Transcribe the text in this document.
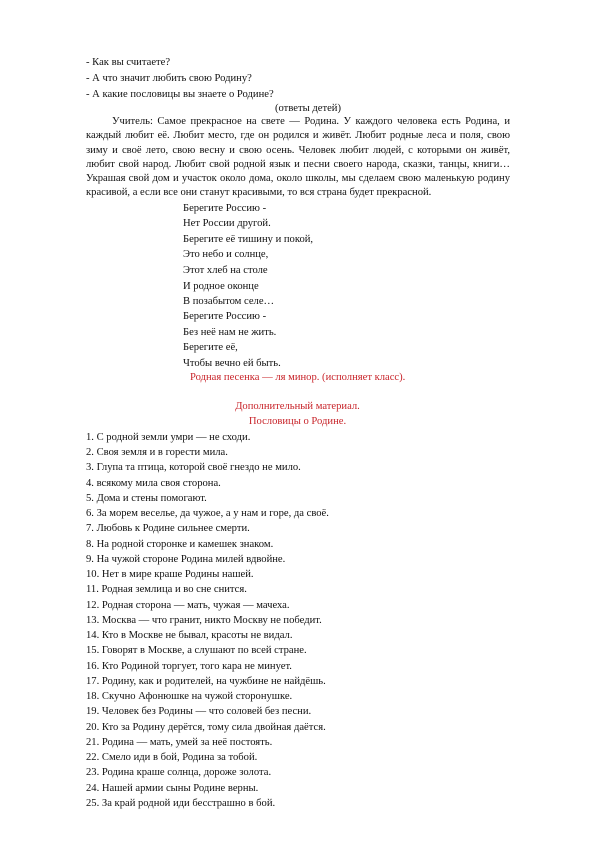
- Как вы считаете?
- А что значит любить свою Родину?
- А какие пословицы вы знаете о Родине?
(ответы детей)
Учитель: Самое прекрасное на свете — Родина. У каждого человека есть Родина, и каждый любит её. Любит место, где он родился и живёт. Любит родные леса и поля, свою зиму и своё лето, свою весну и свою осень. Человек любит людей, с которыми он живёт, любит свой народ. Любит свой родной язык и песни своего народа, сказки, танцы, книги… Украшая свой дом и участок около дома, около школы, мы сделаем свою маленькую родину красивой, а если все они станут красивыми, то вся страна будет прекрасной.
Берегите Россию -
Нет России другой.
Берегите её тишину и покой,
Это небо и солнце,
Этот хлеб на столе
И родное оконце
В позабытом селе…
Берегите Россию -
Без неё нам не жить.
Берегите её,
Чтобы вечно ей быть.
Родная песенка — ля минор. (исполняет класс).
Дополнительный материал.
Пословицы о Родине.
1. С родной земли умри — не сходи.
2. Своя земля и в горести мила.
3. Глупа та птица, которой своё гнездо не мило.
4. всякому мила своя сторона.
5. Дома и стены помогают.
6. За морем веселье, да чужое, а у нам и горе, да своё.
7. Любовь к Родине сильнее смерти.
8. На родной сторонке и камешек знаком.
9. На чужой стороне Родина милей вдвойне.
10. Нет в мире краше Родины нашей.
11. Родная землица и во сне снится.
12. Родная сторона — мать, чужая — мачеха.
13. Москва — что гранит, никто Москву не победит.
14. Кто в Москве не бывал, красоты не видал.
15. Говорят в Москве, а слушают по всей стране.
16. Кто Родиной торгует, того кара не минует.
17. Родину, как и родителей, на чужбине не найдёшь.
18. Скучно Афонюшке на чужой сторонушке.
19. Человек без Родины — что соловей без песни.
20. Кто за Родину дерётся, тому сила двойная даётся.
21. Родина — мать, умей за неё постоять.
22. Смело иди в бой, Родина за тобой.
23. Родина краше солнца, дороже золота.
24. Нашей армии сыны Родине верны.
25. За край родной иди бесстрашно в бой.
